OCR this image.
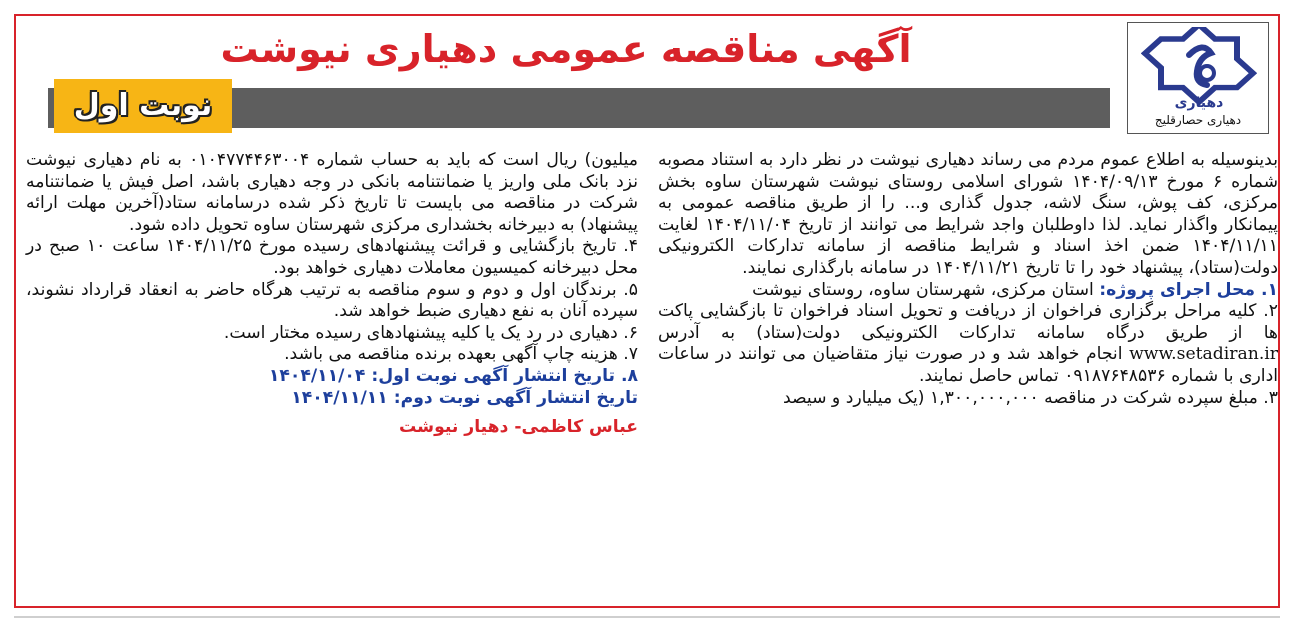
دهیاری
دهیاری حصارقلیج
آگهی مناقصه عمومی دهیاری نیوشت
نوبت اول

بدینوسیله به اطلاع عموم مردم می رساند دهیاری نیوشت در نظر دارد به استناد مصوبه شماره ۶ مورخ ۱۴۰۴/۰۹/۱۳ شورای اسلامی روستای نیوشت شهرستان ساوه بخش مرکزی، کف پوش، سنگ لاشه، جدول گذاری و... را از طریق مناقصه عمومی به پیمانکار واگذار نماید. لذا داوطلبان واجد شرایط می توانند از تاریخ ۱۴۰۴/۱۱/۰۴ لغایت ۱۴۰۴/۱۱/۱۱ ضمن اخذ اسناد و شرایط مناقصه از سامانه تدارکات الکترونیکی دولت(ستاد)، پیشنهاد خود را تا تاریخ ۱۴۰۴/۱۱/۲۱ در سامانه بارگذاری نمایند.

۱. محل اجرای پروژه: استان مرکزی، شهرستان ساوه، روستای نیوشت

۲. کلیه مراحل برگزاری فراخوان از دریافت و تحویل اسناد فراخوان تا بازگشایی پاکت ها از طریق درگاه سامانه تدارکات الکترونیکی دولت(ستاد) به آدرس www.setadiran.ir انجام خواهد شد و در صورت نیاز متقاضیان می توانند در ساعات اداری با شماره ۰۹۱۸۷۶۴۸۵۳۶ تماس حاصل نمایند.

۳. مبلغ سپرده شرکت در مناقصه ۱,۳۰۰,۰۰۰,۰۰۰ (یک میلیارد و سیصد

میلیون) ریال است که باید به حساب شماره ۰۱۰۴۷۷۴۴۶۳۰۰۴ به نام دهیاری نیوشت نزد بانک ملی واریز یا ضمانتنامه بانکی در وجه دهیاری باشد، اصل فیش یا ضمانتنامه شرکت در مناقصه می بایست تا تاریخ ذکر شده درسامانه ستاد(آخرین مهلت ارائه پیشنهاد) به دبیرخانه بخشداری مرکزی شهرستان ساوه تحویل داده شود.

۴. تاریخ بازگشایی و قرائت پیشنهادهای رسیده مورخ ۱۴۰۴/۱۱/۲۵ ساعت ۱۰ صبح در محل دبیرخانه کمیسیون معاملات دهیاری خواهد بود.

۵. برندگان اول و دوم و سوم مناقصه به ترتیب هرگاه حاضر به انعقاد قرارداد نشوند، سپرده آنان به نفع دهیاری ضبط خواهد شد.

۶. دهیاری در رد یک یا کلیه پیشنهادهای رسیده مختار است.

۷. هزینه چاپ آگهی بعهده برنده مناقصه می باشد.

۸. تاریخ انتشار آگهی نوبت اول: ۱۴۰۴/۱۱/۰۴

تاریخ انتشار آگهی نوبت دوم: ۱۴۰۴/۱۱/۱۱

عباس کاظمی- دهیار نیوشت
